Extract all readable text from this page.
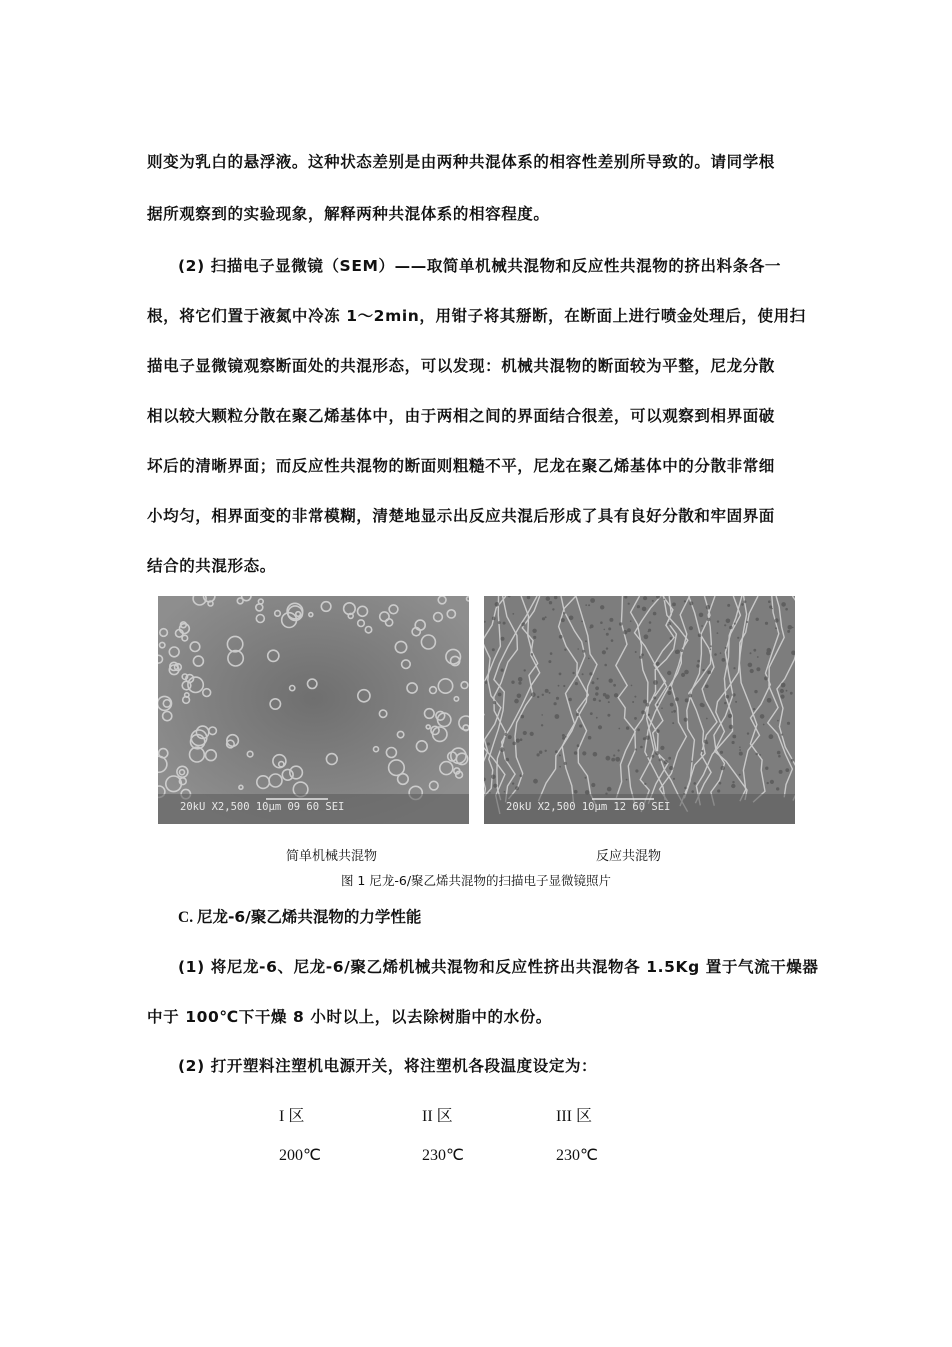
则变为乳白的悬浮液。这种状态差别是由两种共混体系的相容性差别所导致的。请同学根

据所观察到的实验现象，解释两种共混体系的相容程度。

(2) 扫描电子显微镜（SEM）——取简单机械共混物和反应性共混物的挤出料条各一

根，将它们置于液氮中冷冻 1～2min，用钳子将其掰断，在断面上进行喷金处理后，使用扫

描电子显微镜观察断面处的共混形态，可以发现：机械共混物的断面较为平整，尼龙分散

相以较大颗粒分散在聚乙烯基体中，由于两相之间的界面结合很差，可以观察到相界面破

坏后的清晰界面；而反应性共混物的断面则粗糙不平，尼龙在聚乙烯基体中的分散非常细

小均匀，相界面变的非常模糊，清楚地显示出反应共混后形成了具有良好分散和牢固界面

结合的共混形态。

20kU X2,500 10μm 09 60 SEI	20kU X2,500 10μm 12 60 SEI
简单机械共混物	反应共混物
图 1 尼龙-6/聚乙烯共混物的扫描电子显微镜照片
C. 尼龙-6/聚乙烯共混物的力学性能

(1) 将尼龙-6、尼龙-6/聚乙烯机械共混物和反应性挤出共混物各 1.5Kg 置于气流干燥器

中于 100℃下干燥 8 小时以上，以去除树脂中的水份。

(2) 打开塑料注塑机电源开关，将注塑机各段温度设定为：

I 区	II 区	III 区
200℃	230℃	230℃
